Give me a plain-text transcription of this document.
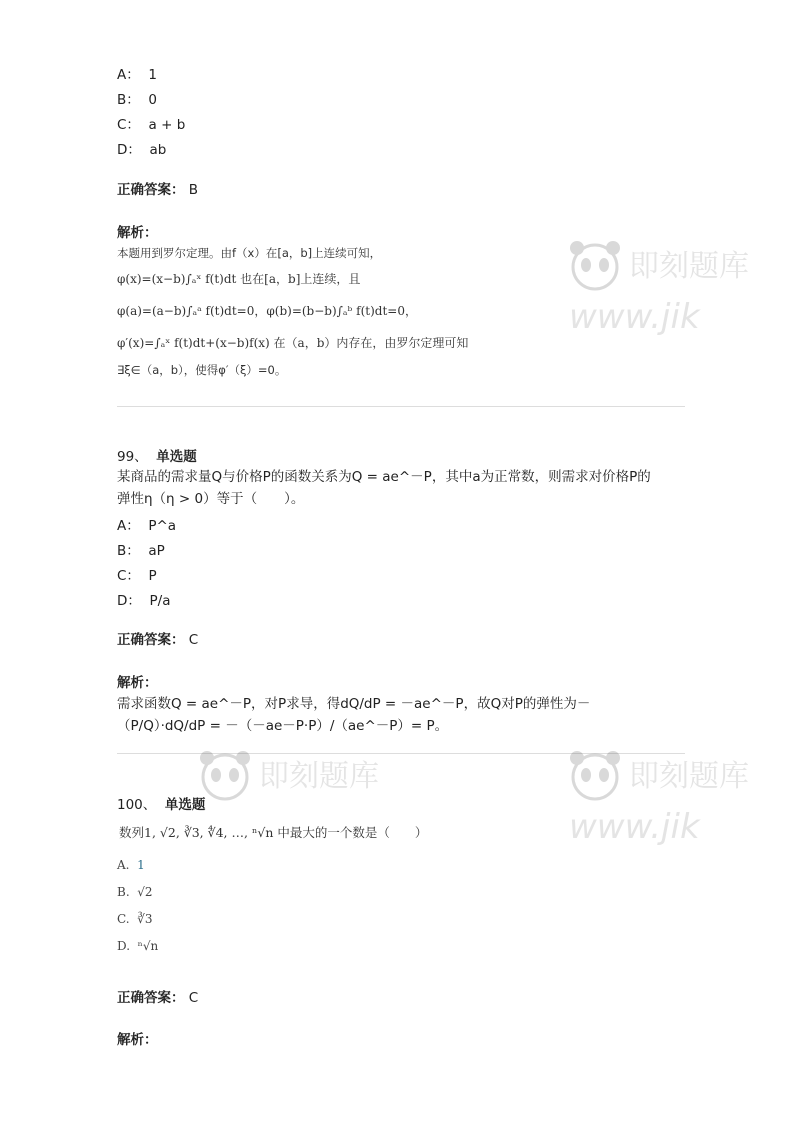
A： 1
B： 0
C： a + b
D： ab
正确答案： B
解析：
本题用到罗尔定理。由f（x）在[a，b]上连续可知，
φ(x)=(x−b)∫ₐˣ f(t)dt 也在[a，b]上连续，且
φ(a)=(a−b)∫ₐᵃ f(t)dt=0，φ(b)=(b−b)∫ₐᵇ f(t)dt=0，
φ′(x)=∫ₐˣ f(t)dt+(x−b)f(x) 在（a，b）内存在，由罗尔定理可知
∃ξ∈（a，b），使得φ′（ξ）=0。
99、 单选题
某商品的需求量Q与价格P的函数关系为Q = ae^－P，其中a为正常数，则需求对价格P的
弹性η（η > 0）等于（　　）。
A： P^a
B： aP
C： P
D： P/a
正确答案： C
解析：
需求函数Q = ae^－P，对P求导，得dQ/dP = －ae^－P，故Q对P的弹性为－
（P/Q）·dQ/dP = －（－ae－P·P）/（ae^－P）= P。
100、 单选题
数列1, √2, ∛3, ∜4, …, ⁿ√n 中最大的一个数是（　　）
A. 1
B. √2
C. ∛3
D. ⁿ√n
正确答案： C
解析：
即刻题库
www.jik
即刻题库	即刻题库
www.jik
